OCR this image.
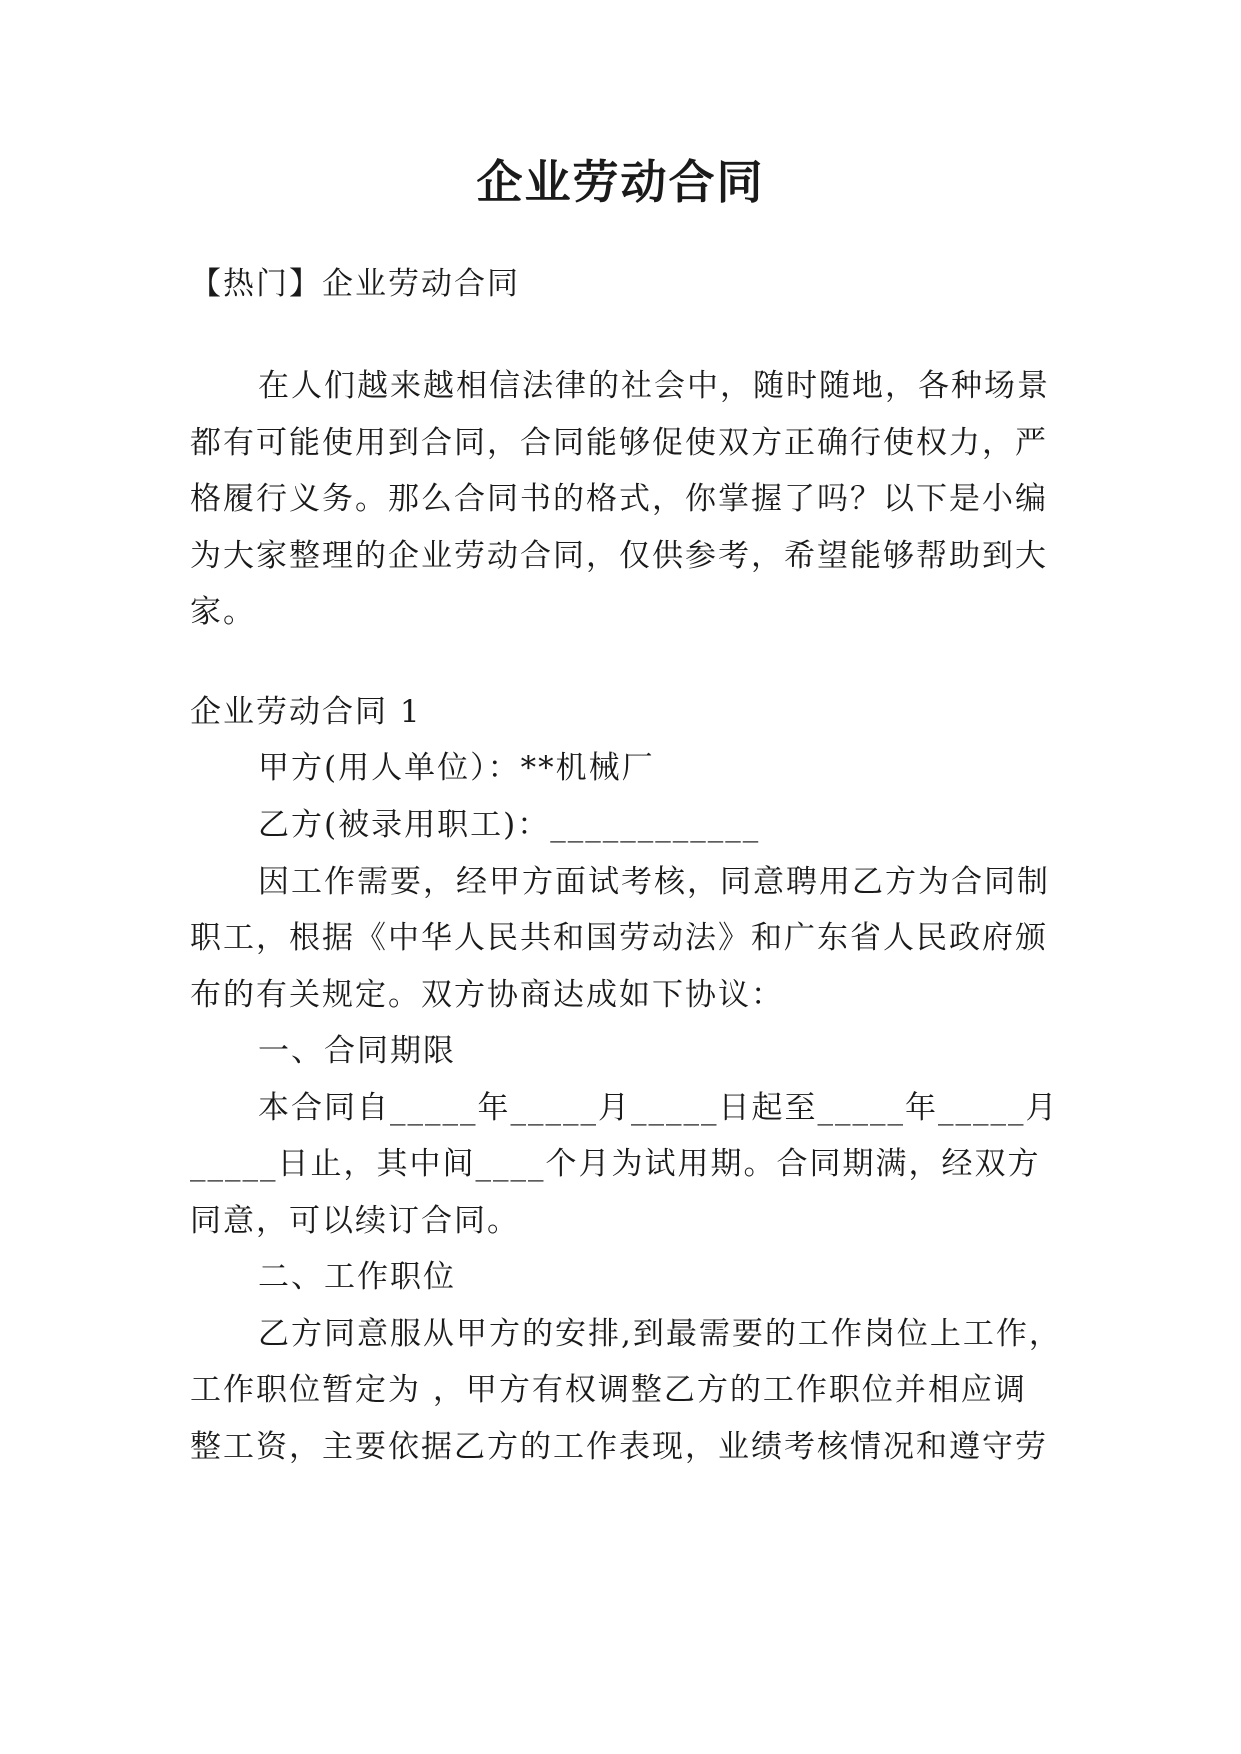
企业劳动合同
【热门】企业劳动合同
在人们越来越相信法律的社会中，随时随地，各种场景
都有可能使用到合同，合同能够促使双方正确行使权力，严
格履行义务。那么合同书的格式，你掌握了吗？以下是小编
为大家整理的企业劳动合同，仅供参考，希望能够帮助到大
家。
企业劳动合同 1
甲方(用人单位）：**机械厂
乙方(被录用职工)：____________
因工作需要，经甲方面试考核，同意聘用乙方为合同制
职工，根据《中华人民共和国劳动法》和广东省人民政府颁
布的有关规定。双方协商达成如下协议：
一、合同期限
本合同自_____年_____月_____日起至_____年_____月
_____日止，其中间____个月为试用期。合同期满，经双方
同意，可以续订合同。
二、工作职位
乙方同意服从甲方的安排,到最需要的工作岗位上工作，
工作职位暂定为 ，甲方有权调整乙方的工作职位并相应调
整工资，主要依据乙方的工作表现，业绩考核情况和遵守劳
